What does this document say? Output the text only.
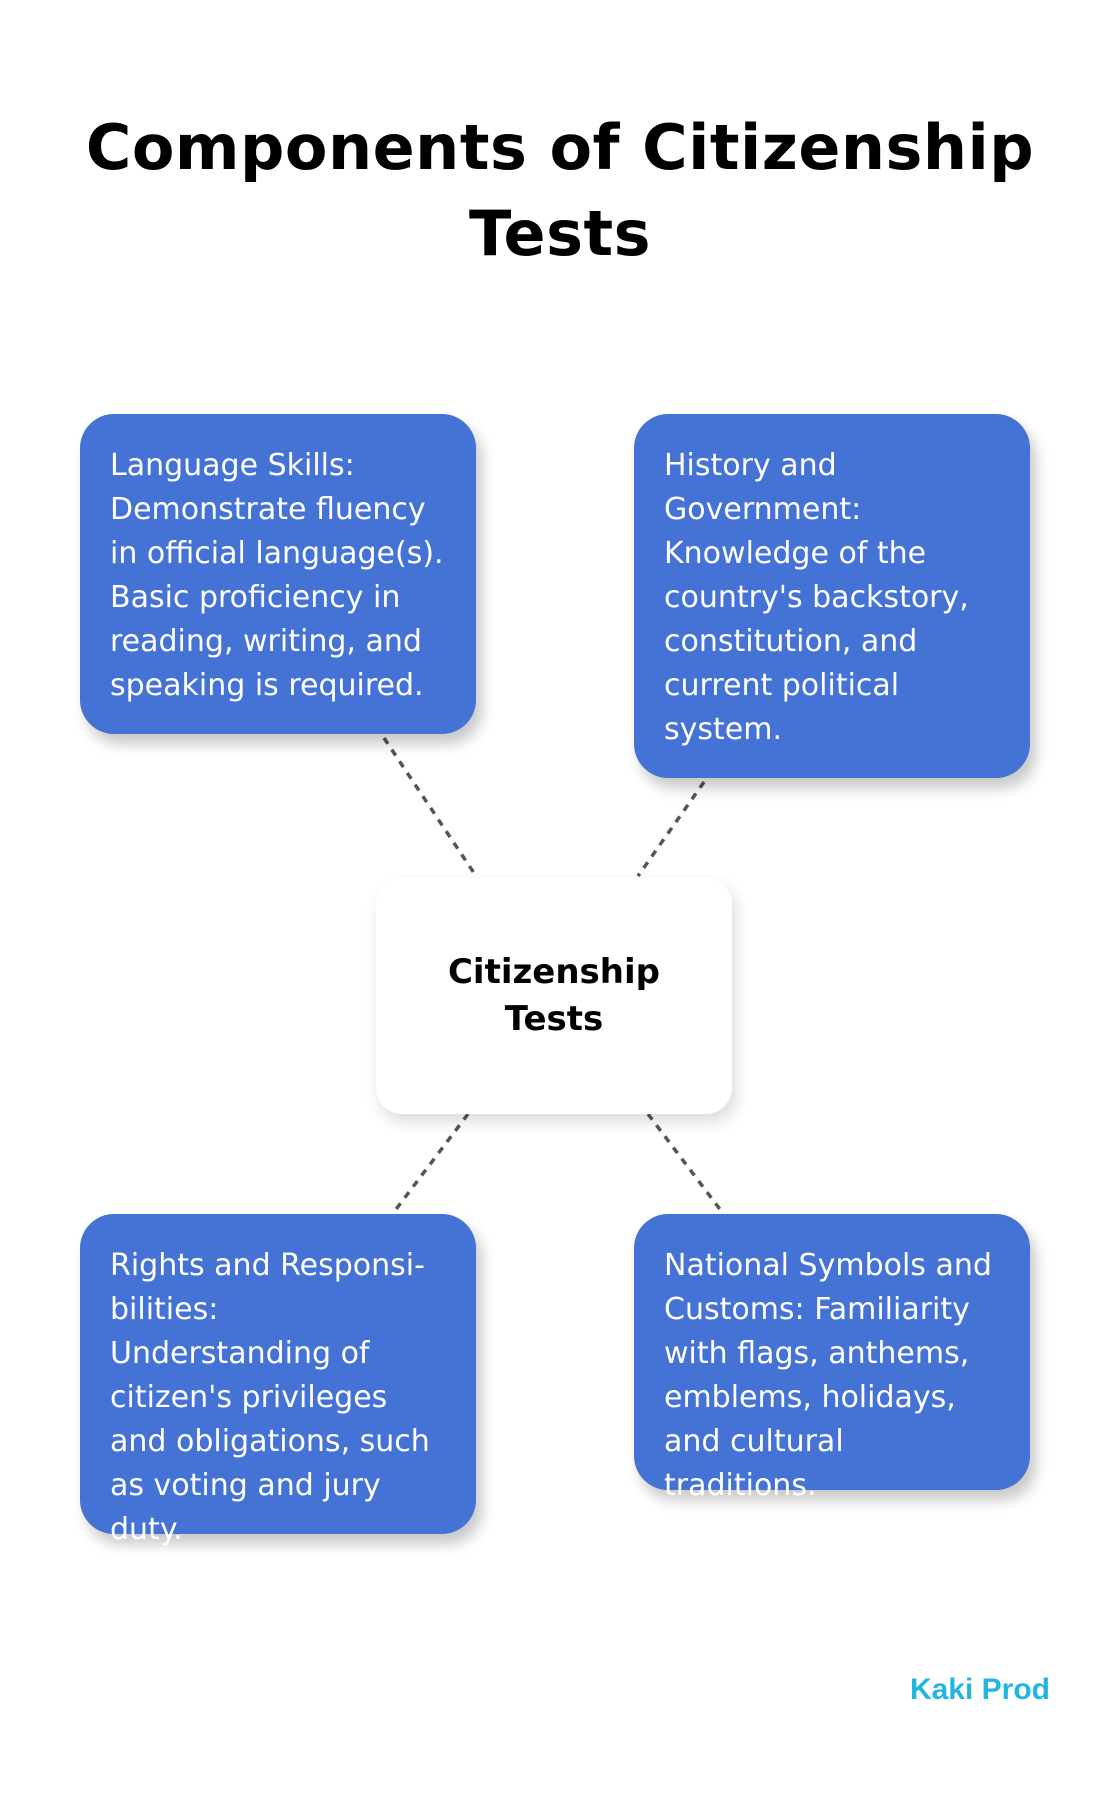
Components of Citizenship Tests
Language Skills: Demonstrate fluency in official language(s). Basic proficiency in reading, writing, and speaking is required.
History and Government: Knowledge of the country's backstory, constitution, and current political system.
Citizenship Tests
Rights and Responsibilities: Understanding of citizen's privileges and obligations, such as voting and jury duty.
National Symbols and Customs: Familiarity with flags, anthems, emblems, holidays, and cultural traditions.
Kaki Prod
